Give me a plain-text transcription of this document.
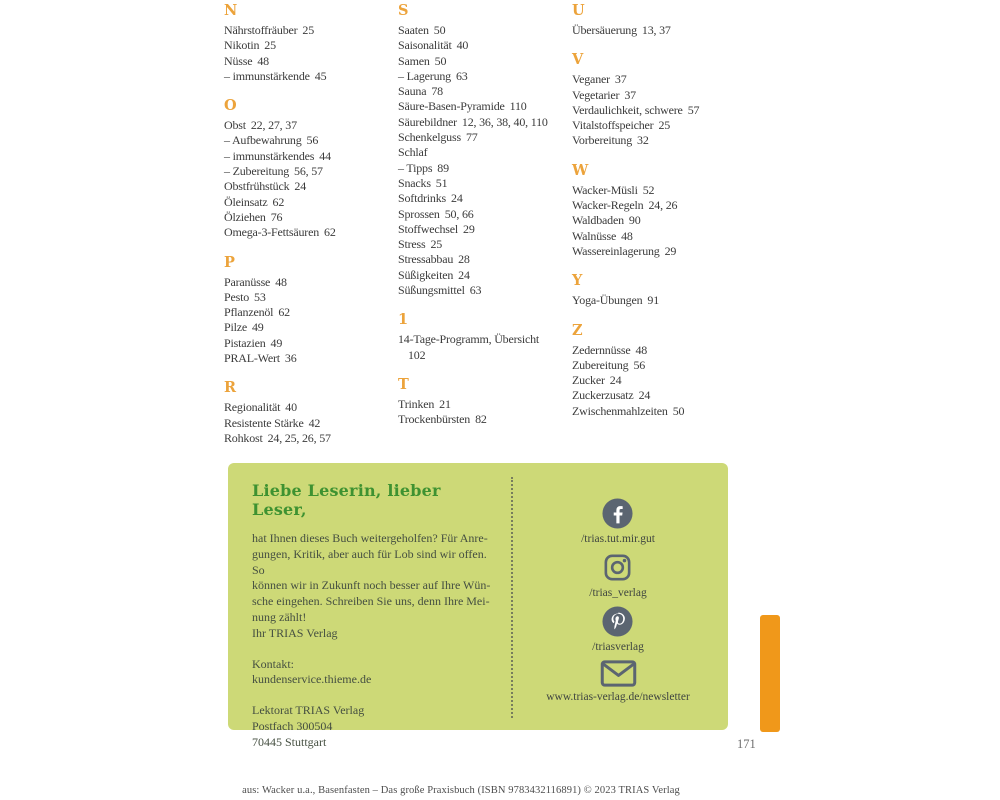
N
Nährstoffräuber 25
Nikotin 25
Nüsse 48
– immunstärkende 45
O
Obst 22, 27, 37
– Aufbewahrung 56
– immunstärkendes 44
– Zubereitung 56, 57
Obstfrühstück 24
Öleinsatz 62
Ölziehen 76
Omega-3-Fettsäuren 62
P
Paranüsse 48
Pesto 53
Pflanzenöl 62
Pilze 49
Pistazien 49
PRAL-Wert 36
R
Regionalität 40
Resistente Stärke 42
Rohkost 24, 25, 26, 57
S
Saaten 50
Saisonalität 40
Samen 50
– Lagerung 63
Sauna 78
Säure-Basen-Pyramide 110
Säurebildner 12, 36, 38, 40, 110
Schenkelguss 77
Schlaf
– Tipps 89
Snacks 51
Softdrinks 24
Sprossen 50, 66
Stoffwechsel 29
Stress 25
Stressabbau 28
Süßigkeiten 24
Süßungsmittel 63
1
14-Tage-Programm, Übersicht
102
T
Trinken 21
Trockenbürsten 82
U
Übersäuerung 13, 37
V
Veganer 37
Vegetarier 37
Verdaulichkeit, schwere 57
Vitalstoffspeicher 25
Vorbereitung 32
W
Wacker-Müsli 52
Wacker-Regeln 24, 26
Waldbaden 90
Walnüsse 48
Wassereinlagerung 29
Y
Yoga-Übungen 91
Z
Zedernnüsse 48
Zubereitung 56
Zucker 24
Zuckerzusatz 24
Zwischenmahlzeiten 50
Liebe Leserin, lieber Leser,
hat Ihnen dieses Buch weitergeholfen? Für Anre-
gungen, Kritik, aber auch für Lob sind wir offen. So
können wir in Zukunft noch besser auf Ihre Wün-
sche eingehen. Schreiben Sie uns, denn Ihre Mei-
nung zählt!
Ihr TRIAS Verlag
Kontakt:
kundenservice.thieme.de
Lektorat TRIAS Verlag
Postfach 300504
70445 Stuttgart
/trias.tut.mir.gut
/trias_verlag
/triasverlag
www.trias-verlag.de/newsletter
171
aus: Wacker u.a., Basenfasten – Das große Praxisbuch (ISBN 9783432116891) © 2023 TRIAS Verlag
